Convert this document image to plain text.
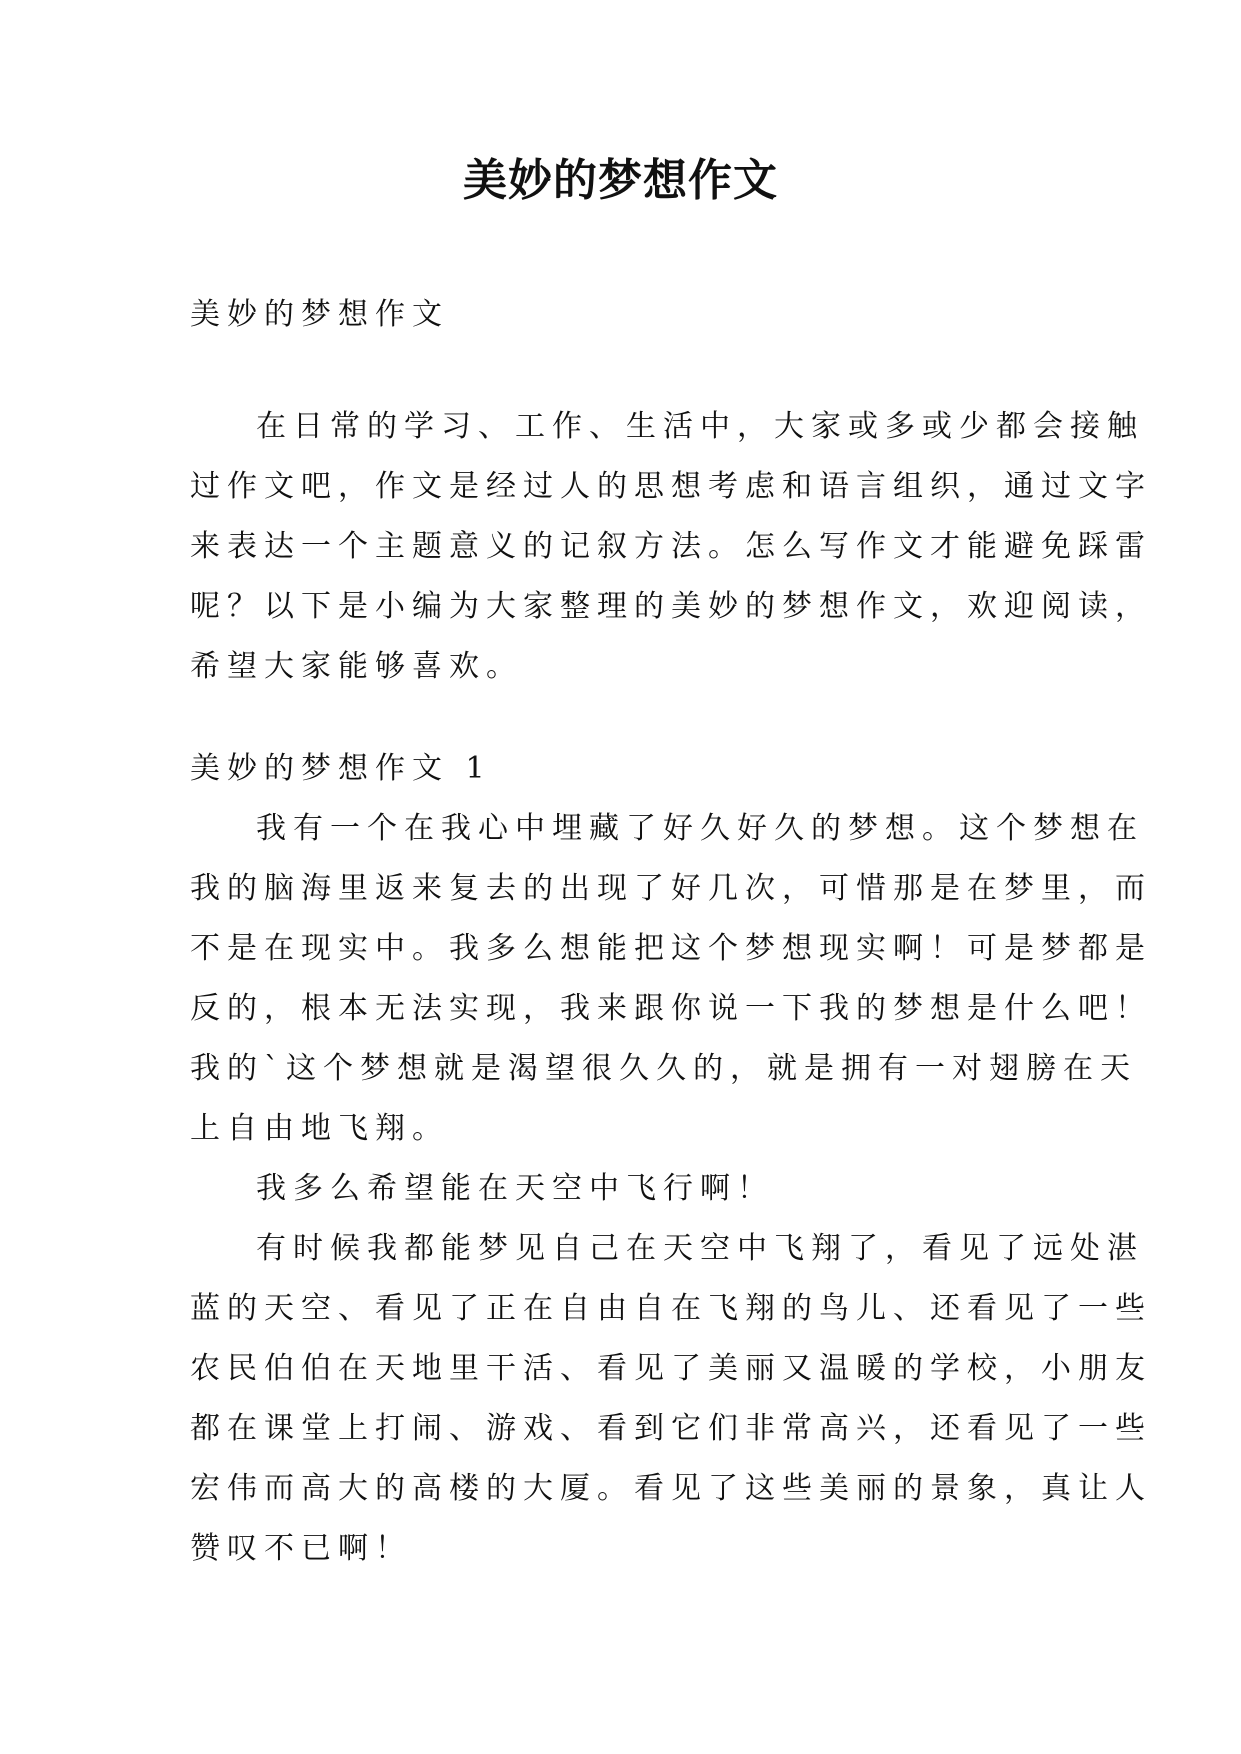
美妙的梦想作文

美妙的梦想作文

在日常的学习、工作、生活中，大家或多或少都会接触

过作文吧，作文是经过人的思想考虑和语言组织，通过文字

来表达一个主题意义的记叙方法。怎么写作文才能避免踩雷

呢？以下是小编为大家整理的美妙的梦想作文，欢迎阅读，

希望大家能够喜欢。

美妙的梦想作文 1

我有一个在我心中埋藏了好久好久的梦想。这个梦想在

我的脑海里返来复去的出现了好几次，可惜那是在梦里，而

不是在现实中。我多么想能把这个梦想现实啊！可是梦都是

反的，根本无法实现，我来跟你说一下我的梦想是什么吧！

我的`这个梦想就是渴望很久久的，就是拥有一对翅膀在天

上自由地飞翔。

我多么希望能在天空中飞行啊！

有时候我都能梦见自己在天空中飞翔了，看见了远处湛

蓝的天空、看见了正在自由自在飞翔的鸟儿、还看见了一些

农民伯伯在天地里干活、看见了美丽又温暖的学校，小朋友

都在课堂上打闹、游戏、看到它们非常高兴，还看见了一些

宏伟而高大的高楼的大厦。看见了这些美丽的景象，真让人

赞叹不已啊！
